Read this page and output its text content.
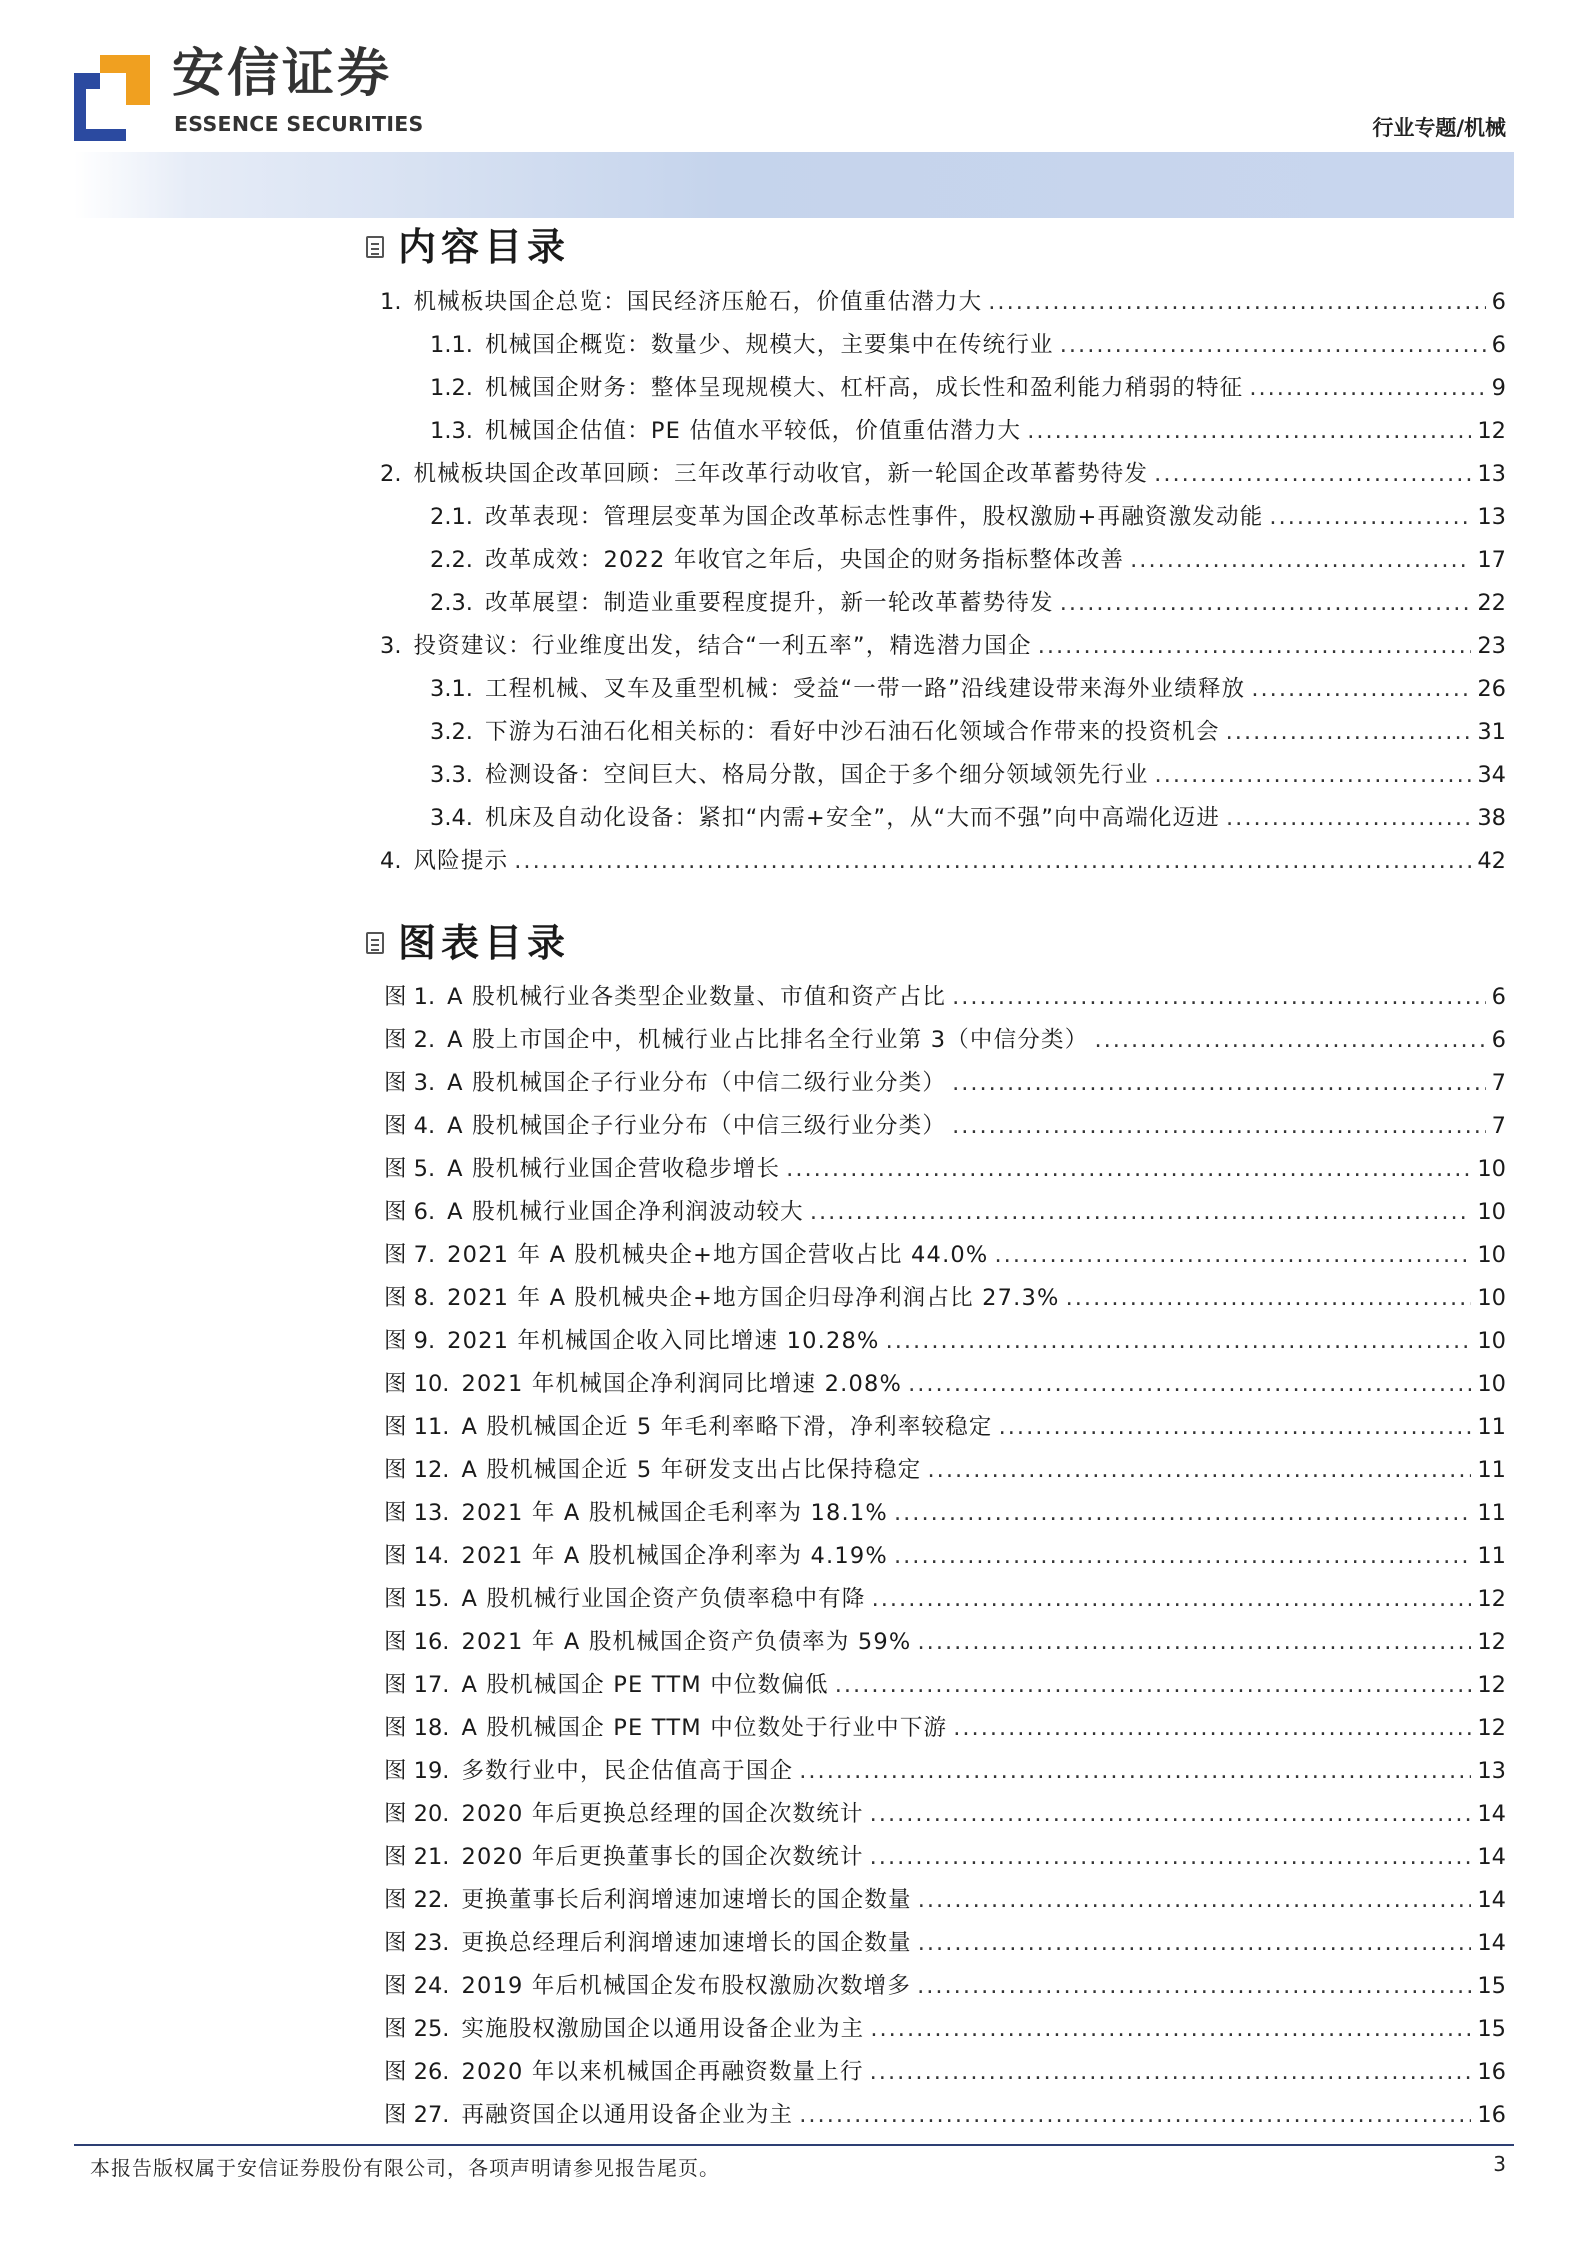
安信证券
ESSENCE SECURITIES	行业专题/机械
内容目录
1. 机械板块国企总览：国民经济压舱石，价值重估潜力大 .....	6
1.1. 机械国企概览：数量少、规模大，主要集中在传统行业 .....	6
1.2. 机械国企财务：整体呈现规模大、杠杆高，成长性和盈利能力稍弱的特征 .....	9
1.3. 机械国企估值：PE 估值水平较低，价值重估潜力大 .....	12
2. 机械板块国企改革回顾：三年改革行动收官，新一轮国企改革蓄势待发 .....	13
2.1. 改革表现：管理层变革为国企改革标志性事件，股权激励+再融资激发动能 .....	13
2.2. 改革成效：2022 年收官之年后，央国企的财务指标整体改善 .....	17
2.3. 改革展望：制造业重要程度提升，新一轮改革蓄势待发 .....	22
3. 投资建议：行业维度出发，结合“一利五率”，精选潜力国企 .....	23
3.1. 工程机械、叉车及重型机械：受益“一带一路”沿线建设带来海外业绩释放 .....	26
3.2. 下游为石油石化相关标的：看好中沙石油石化领域合作带来的投资机会 .....	31
3.3. 检测设备：空间巨大、格局分散，国企于多个细分领域领先行业 .....	34
3.4. 机床及自动化设备：紧扣“内需+安全”，从“大而不强”向中高端化迈进 .....	38
4. 风险提示 .....	42
图表目录
图 1. A 股机械行业各类型企业数量、市值和资产占比 .....	6
图 2. A 股上市国企中，机械行业占比排名全行业第 3（中信分类） .....	6
图 3. A 股机械国企子行业分布（中信二级行业分类） .....	7
图 4. A 股机械国企子行业分布（中信三级行业分类） .....	7
图 5. A 股机械行业国企营收稳步增长 .....	10
图 6. A 股机械行业国企净利润波动较大 .....	10
图 7. 2021 年 A 股机械央企+地方国企营收占比 44.0% .....	10
图 8. 2021 年 A 股机械央企+地方国企归母净利润占比 27.3% .....	10
图 9. 2021 年机械国企收入同比增速 10.28% .....	10
图 10. 2021 年机械国企净利润同比增速 2.08% .....	10
图 11. A 股机械国企近 5 年毛利率略下滑，净利率较稳定 .....	11
图 12. A 股机械国企近 5 年研发支出占比保持稳定 .....	11
图 13. 2021 年 A 股机械国企毛利率为 18.1% .....	11
图 14. 2021 年 A 股机械国企净利率为 4.19% .....	11
图 15. A 股机械行业国企资产负债率稳中有降 .....	12
图 16. 2021 年 A 股机械国企资产负债率为 59% .....	12
图 17. A 股机械国企 PE TTM 中位数偏低 .....	12
图 18. A 股机械国企 PE TTM 中位数处于行业中下游 .....	12
图 19. 多数行业中，民企估值高于国企 .....	13
图 20. 2020 年后更换总经理的国企次数统计 .....	14
图 21. 2020 年后更换董事长的国企次数统计 .....	14
图 22. 更换董事长后利润增速加速增长的国企数量 .....	14
图 23. 更换总经理后利润增速加速增长的国企数量 .....	14
图 24. 2019 年后机械国企发布股权激励次数增多 .....	15
图 25. 实施股权激励国企以通用设备企业为主 .....	15
图 26. 2020 年以来机械国企再融资数量上行 .....	16
图 27. 再融资国企以通用设备企业为主 .....	16
本报告版权属于安信证券股份有限公司，各项声明请参见报告尾页。	3
